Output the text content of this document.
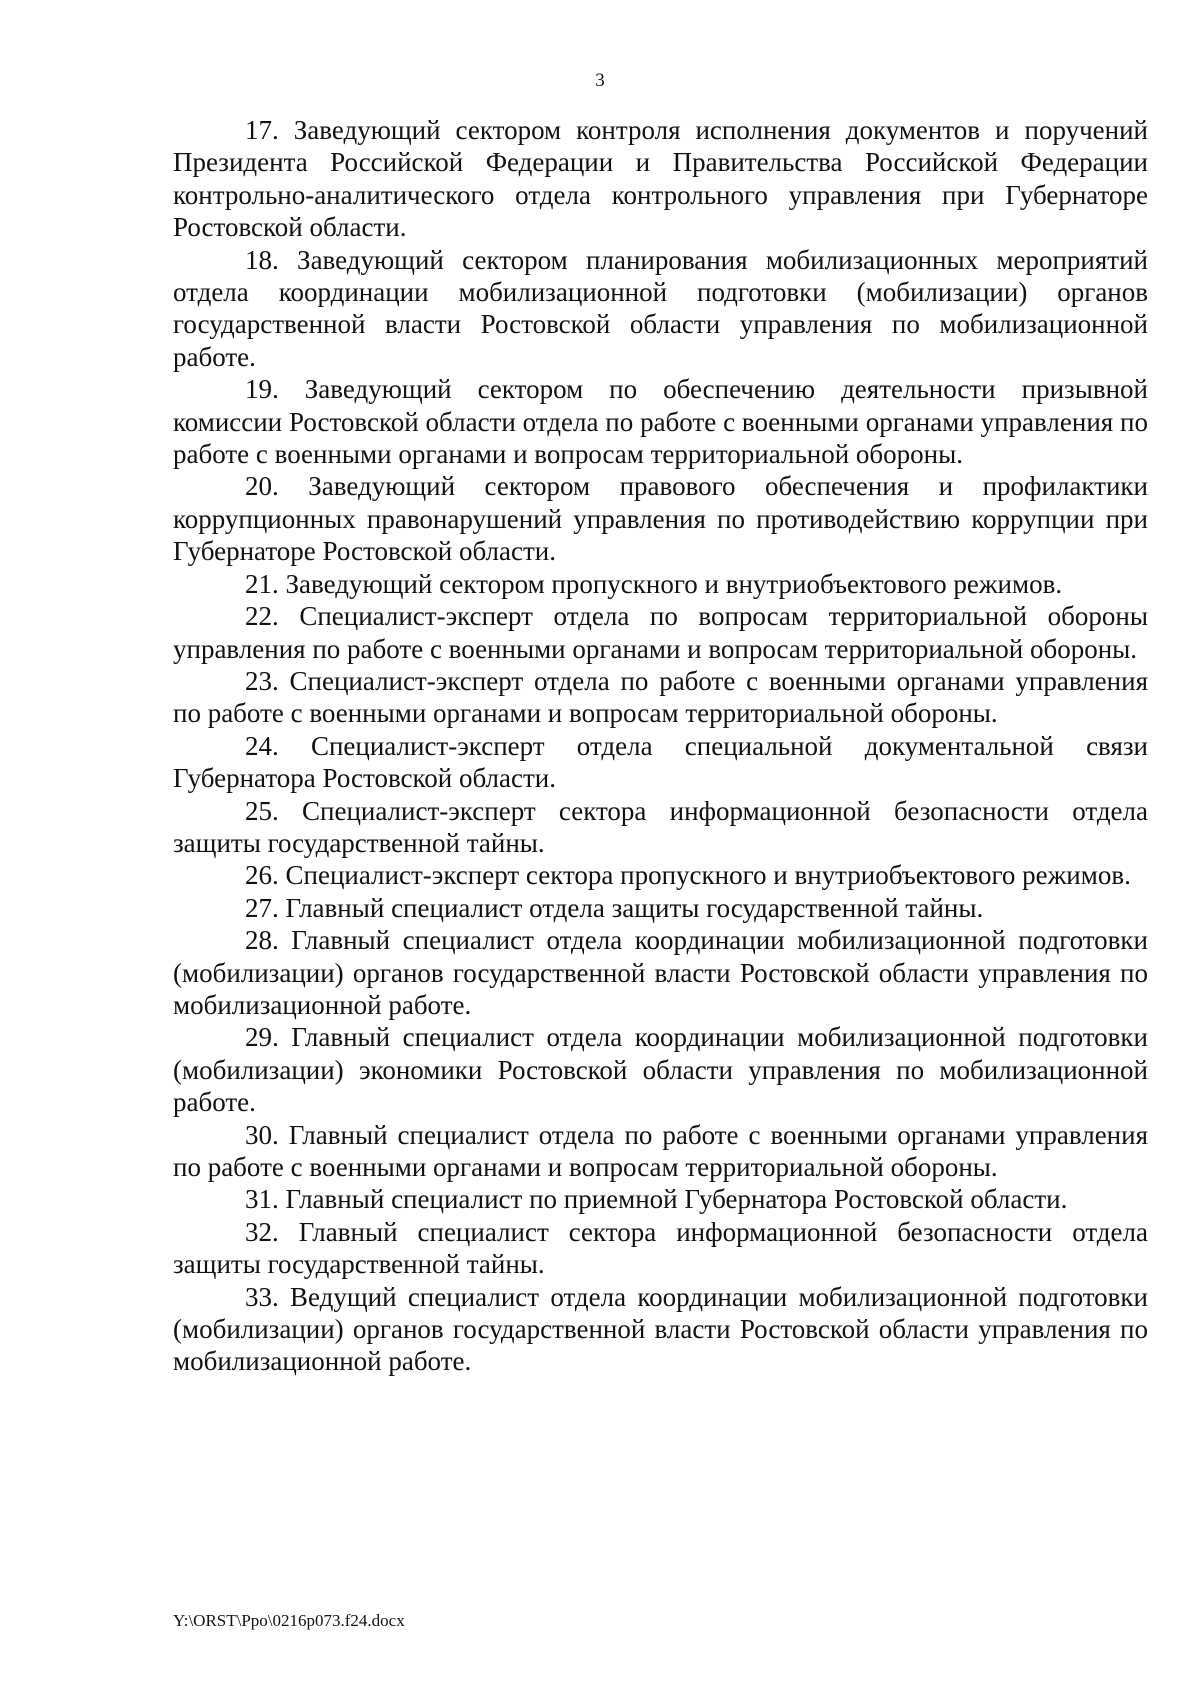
3

17. Заведующий сектором контроля исполнения документов и поручений Президента Российской Федерации и Правительства Российской Федерации контрольно-аналитического отдела контрольного управления при Губернаторе Ростовской области.

18. Заведующий сектором планирования мобилизационных мероприятий отдела координации мобилизационной подготовки (мобилизации) органов государственной власти Ростовской области управления по мобилизационной работе.

19. Заведующий сектором по обеспечению деятельности призывной комиссии Ростовской области отдела по работе с военными органами управления по работе с военными органами и вопросам территориальной обороны.

20. Заведующий сектором правового обеспечения и профилактики коррупционных правонарушений управления по противодействию коррупции при Губернаторе Ростовской области.

21. Заведующий сектором пропускного и внутриобъектового режимов.

22. Специалист-эксперт отдела по вопросам территориальной обороны управления по работе с военными органами и вопросам территориальной обороны.

23. Специалист-эксперт отдела по работе с военными органами управления по работе с военными органами и вопросам территориальной обороны.

24. Специалист-эксперт отдела специальной документальной связи Губернатора Ростовской области.

25. Специалист-эксперт сектора информационной безопасности отдела защиты государственной тайны.

26. Специалист-эксперт сектора пропускного и внутриобъектового режимов.

27. Главный специалист отдела защиты государственной тайны.

28. Главный специалист отдела координации мобилизационной подготовки (мобилизации) органов государственной власти Ростовской области управления по мобилизационной работе.

29. Главный специалист отдела координации мобилизационной подготовки (мобилизации) экономики Ростовской области управления по мобилизационной работе.

30. Главный специалист отдела по работе с военными органами управления по работе с военными органами и вопросам территориальной обороны.

31. Главный специалист по приемной Губернатора Ростовской области.

32. Главный специалист сектора информационной безопасности отдела защиты государственной тайны.

33. Ведущий специалист отдела координации мобилизационной подготовки (мобилизации) органов государственной власти Ростовской области управления по мобилизационной работе.

Y:\ORST\Ppo\0216p073.f24.docx
